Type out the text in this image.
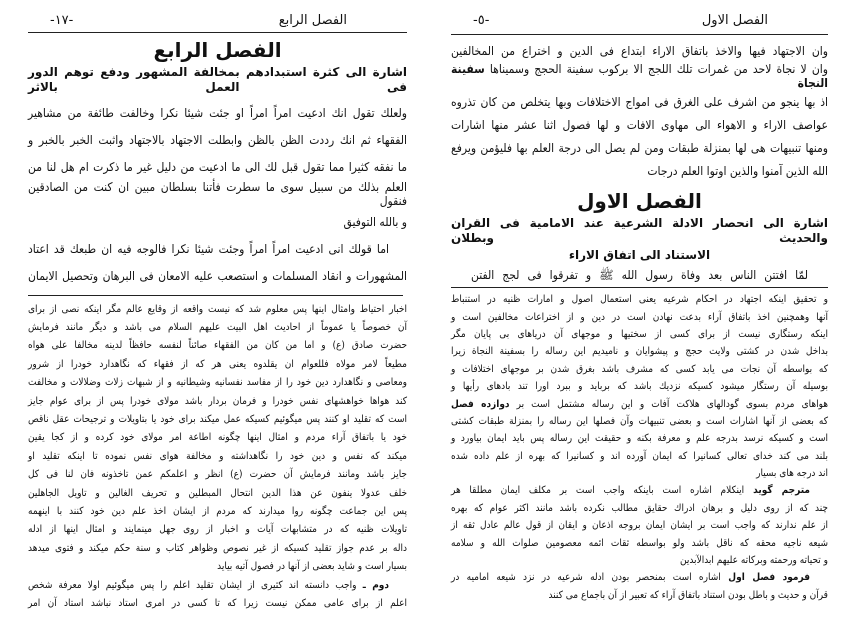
-١٧-	الفصل الرابع
الفصل الرابع
اشارة الى كثرة استبدادهم بمخالفة المشهور ودفع توهم الدور فى العمل بالاثر
ولعلك تقول انك ادعيت امراً امراً او جئت شيئا نكرا وخالفت طائفة من مشاهير
الفقهاء ثم انك رددت الظن بالظن وابطلت الاجتهاد بالاجتهاد واثبت الخبر بالخبر و
ما نفقه كثيرا مما تقول قبل لك الى ما ادعيت من دليل غير ما ذكرت ام هل لنا من
العلم بذلك من سبيل سوى ما سطرت فأتنا بسلطان مبين ان كنت من الصادقين فنقول
و بالله التوفيق
اما قولك انى ادعيت امراً امراً وجئت شيئا نكرا فالوجه فيه ان طبعك قد اعتاد
المشهورات و انقاد المسلمات و استصعب عليه الامعان فى البرهان وتحصيل الايمان
اخبار احتياط وامثال اينها پس معلوم شد كه نيست واقعه از وقايع عالم مگر اينكه نصى از براى
آن خصوصاً يا عموماً از احاديث اهل البيت عليهم السلام مى باشد و ديگر مانند فرمايش
حضرت صادق (ع) و اما من كان من الفقهاء صائناً لنفسه حافظاً لدينه مخالفا على هواه
مطيعاً لامر مولاه فللعوام ان يقلدوه يعنى هر كه از فقهاء كه نگاهدارد خودرا از شرور
ومعاصى و نگاهدارد دين خود را از مفاسد نفسانيه وشيطانيه و از شبهات زلات وضلالات و مخالفت
كند هواها خواهشهاى نفس خودرا و فرمان بردار باشد مولاى خودرا پس از براى عوام جايز
است كه تقليد او كنند پس ميگوئيم كسيكه عمل ميكند براى خود يا بتاويلات و ترجيحات عقل ناقص
خود يا باتفاق آراء مردم و امثال اينها چگونه اطاعة امر مولاى خود كرده و از كجا يقين
ميكند كه نفس و دين خود را نگاهداشته و مخالفة هواى نفس نموده تا اينكه تقليد او
جايز باشد ومانند فرمايش آن حضرت (ع) انظر و اعلمكم عمن تاخذونه فان لنا فى كل
خلف عدولا ينفون عن هذا الدين انتحال المبطلين و تحريف الغالين و تاويل الجاهلين
پس اين جماعت چگونه روا ميدارند كه مردم از ايشان اخذ علم دين خود كنند با اينهمه
تاويلات ظنيه كه در متشابهات آيات و اخبار از روى جهل مينمايند و امثال اينها از ادله
داله بر عدم جواز تقليد كسيكه از غير نصوص وظواهر كتاب و سنة حكم ميكند و فتوى ميدهد
بسيار است و شايد بعضى از آنها در فصول آتيه بيايد
دوم ـ واجب دانسته اند كثيرى از ايشان تقليد اعلم را پس ميگوئيم اولا معرفة شخص
اعلم از براى عامى ممكن نيست زيرا كه تا كسى در امرى استاد نباشد استاد آن امر
-٥-	الفصل الاول
وان الاجتهاد فيها والاخذ باتفاق الاراء ابتداع فى الدين و اختراع من المخالفين
وان لا نجاة لاحد من غمرات تلك اللجج الا بركوب سفينة الحجج وسميناها سفينة النجاة
اذ بها ينجو من اشرف على الغرق فى امواج الاختلافات وبها يتخلص من كان تذروه
عواصف الاراء و الاهواء الى مهاوى الافات و لها فصول اثنا عشر منها اشارات
ومنها تنبيهات هى لها بمنزلة طبقات ومن لم يصل الى درجة العلم بها فليؤمن ويرفع
الله الذين آمنوا والذين اوتوا العلم درجات
الفصل الاول
اشارة الى انحصار الادلة الشرعية عند الامامية فى القران والحديث وبطلان
الاستناد الى اتفاق الاراء
لمّا افتتن الناس بعد وفاة رسول الله ﷺ و تفرقوا فى لجج الفتن
و تحقيق اينكه اجتهاد در احكام شرعيه يعنى استعمال اصول و امارات ظنيه در استنباط
آنها وهمچنين اخذ باتفاق آراء بدعت نهادن است در دين و از اختراعات مخالفين است و
اينكه رستگارى نيست از براى كسى از سختيها و موجهاى آن درياهاى بى پايان مگر
بداخل شدن در كشتى ولايت حجج و پيشوايان و ناميديم اين رساله را بسفينة النجاة زيرا
كه بواسطه آن نجات مى يابد كسى كه مشرف باشد بغرق شدن بر موجهاى اختلافات و
بوسيله آن رستگار ميشود كسيكه نزديك باشد كه بربايد و ببرد اورا تند بادهاى رأيها و
هواهاى مردم بسوى گودالهاى هلاكت آفات و اين رساله مشتمل است بر دوازده فصل
كه بعضى از آنها اشارات است و بعضى تنبيهات وآن فصلها اين رساله را بمنزلة طبقات كشتى
است و كسيكه نرسد بدرجه علم و معرفة بكنه و حقيقت اين رساله پس بايد ايمان بياورد و
بلند مى كند خداى تعالى كسانيرا كه ايمان آورده اند و كسانيرا كه بهره از علم داده شده
اند درجه هاى بسيار
مترجم گويد اينكلام اشاره است باينكه واجب است بر مكلف ايمان مطلقا هر
چند كه از روى دليل و برهان ادراك حقايق مطالب نكرده باشد مانند اكثر عوام كه بهره
از علم ندارند كه واجب است بر ايشان ايمان بروجه اذعان و ايقان از قول عالم عادل ثقه از
شيعه ناجيه محقه كه ناقل باشد ولو بواسطه ثقات ائمه معصومين صلوات الله و سلامه
و تحياته ورحمته وبركاته عليهم ابدالآبدين
فرمود فصل اول اشاره است بمنحصر بودن ادله شرعيه در نزد شيعه اماميه در
قرآن و حديث و باطل بودن استناد باتفاق آراء كه تعبير از آن باجماع مى كنند
